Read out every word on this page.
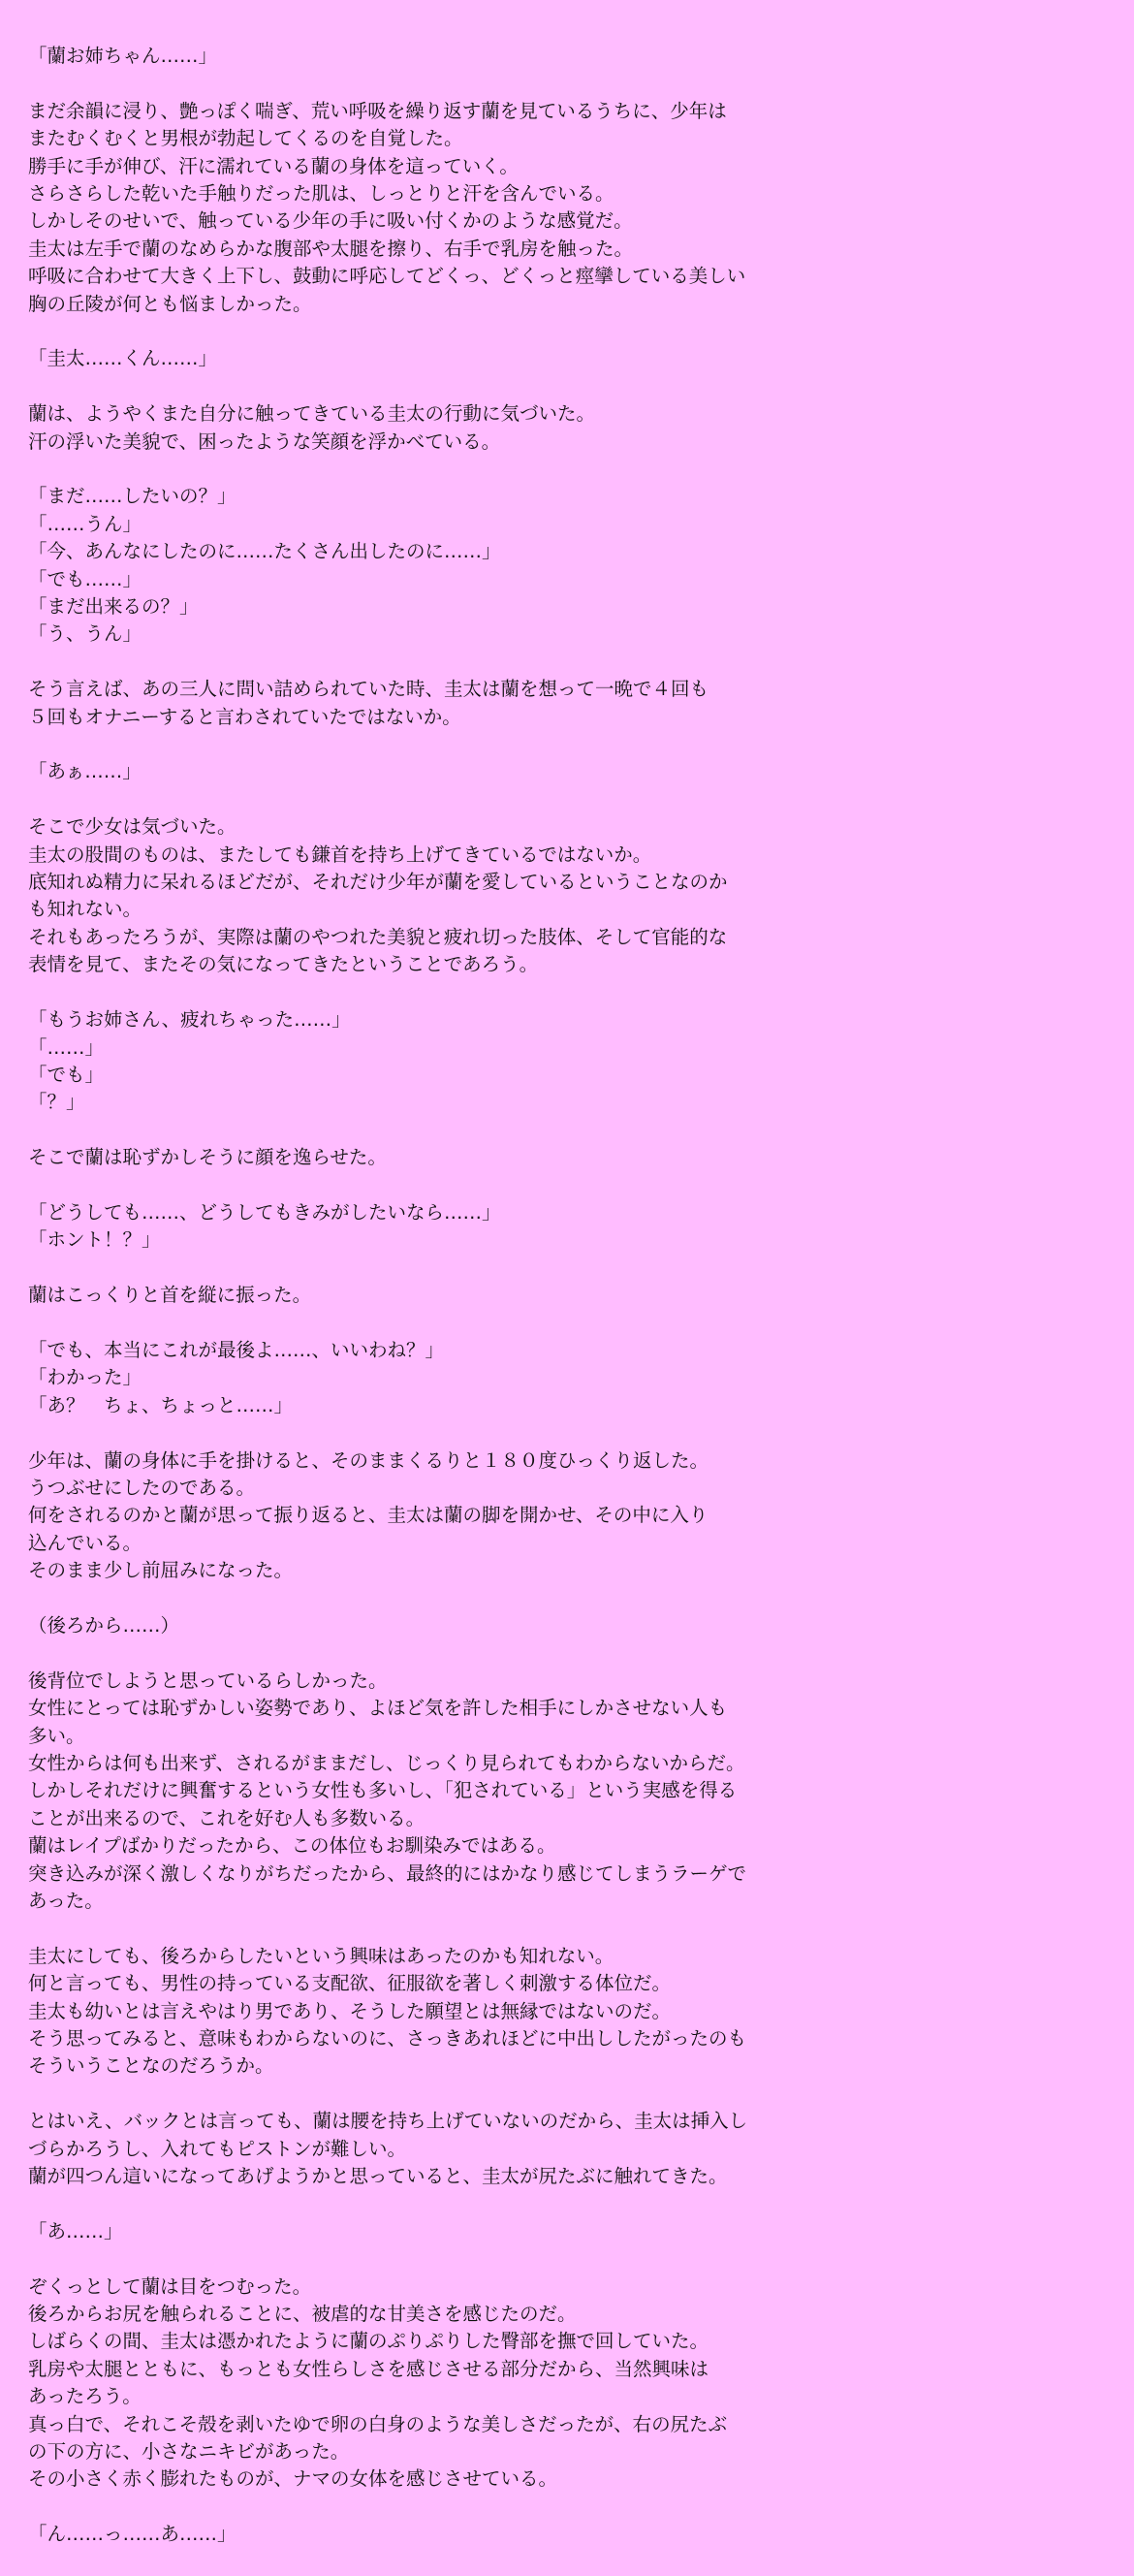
「蘭お姉ちゃん……」
まだ余韻に浸り、艶っぽく喘ぎ、荒い呼吸を繰り返す蘭を見ているうちに、少年は
またむくむくと男根が勃起してくるのを自覚した。
勝手に手が伸び、汗に濡れている蘭の身体を這っていく。
さらさらした乾いた手触りだった肌は、しっとりと汗を含んでいる。
しかしそのせいで、触っている少年の手に吸い付くかのような感覚だ。
圭太は左手で蘭のなめらかな腹部や太腿を擦り、右手で乳房を触った。
呼吸に合わせて大きく上下し、鼓動に呼応してどくっ、どくっと痙攣している美しい
胸の丘陵が何とも悩ましかった。
「圭太……くん……」
蘭は、ようやくまた自分に触ってきている圭太の行動に気づいた。
汗の浮いた美貌で、困ったような笑顔を浮かべている。
「まだ……したいの？」
「……うん」
「今、あんなにしたのに……たくさん出したのに……」
「でも……」
「まだ出来るの？」
「う、うん」
そう言えば、あの三人に問い詰められていた時、圭太は蘭を想って一晩で４回も
５回もオナニーすると言わされていたではないか。
「あぁ……」
そこで少女は気づいた。
圭太の股間のものは、またしても鎌首を持ち上げてきているではないか。
底知れぬ精力に呆れるほどだが、それだけ少年が蘭を愛しているということなのか
も知れない。
それもあったろうが、実際は蘭のやつれた美貌と疲れ切った肢体、そして官能的な
表情を見て、またその気になってきたということであろう。
「もうお姉さん、疲れちゃった……」
「……」
「でも」
「？」
そこで蘭は恥ずかしそうに顔を逸らせた。
「どうしても……、どうしてもきみがしたいなら……」
「ホント！？」
蘭はこっくりと首を縦に振った。
「でも、本当にこれが最後よ……、いいわね？」
「わかった」
「あ？　ちょ、ちょっと……」
少年は、蘭の身体に手を掛けると、そのままくるりと１８０度ひっくり返した。
うつぶせにしたのである。
何をされるのかと蘭が思って振り返ると、圭太は蘭の脚を開かせ、その中に入り
込んでいる。
そのまま少し前屈みになった。
（後ろから……）
後背位でしようと思っているらしかった。
女性にとっては恥ずかしい姿勢であり、よほど気を許した相手にしかさせない人も
多い。
女性からは何も出来ず、されるがままだし、じっくり見られてもわからないからだ。
しかしそれだけに興奮するという女性も多いし、「犯されている」という実感を得る
ことが出来るので、これを好む人も多数いる。
蘭はレイプばかりだったから、この体位もお馴染みではある。
突き込みが深く激しくなりがちだったから、最終的にはかなり感じてしまうラーゲで
あった。
圭太にしても、後ろからしたいという興味はあったのかも知れない。
何と言っても、男性の持っている支配欲、征服欲を著しく刺激する体位だ。
圭太も幼いとは言えやはり男であり、そうした願望とは無縁ではないのだ。
そう思ってみると、意味もわからないのに、さっきあれほどに中出ししたがったのも
そういうことなのだろうか。
とはいえ、バックとは言っても、蘭は腰を持ち上げていないのだから、圭太は挿入し
づらかろうし、入れてもピストンが難しい。
蘭が四つん這いになってあげようかと思っていると、圭太が尻たぶに触れてきた。
「あ……」
ぞくっとして蘭は目をつむった。
後ろからお尻を触られることに、被虐的な甘美さを感じたのだ。
しばらくの間、圭太は憑かれたように蘭のぷりぷりした臀部を撫で回していた。
乳房や太腿とともに、もっとも女性らしさを感じさせる部分だから、当然興味は
あったろう。
真っ白で、それこそ殻を剥いたゆで卵の白身のような美しさだったが、右の尻たぶ
の下の方に、小さなニキビがあった。
その小さく赤く膨れたものが、ナマの女体を感じさせている。
「ん……っ……あ……」
